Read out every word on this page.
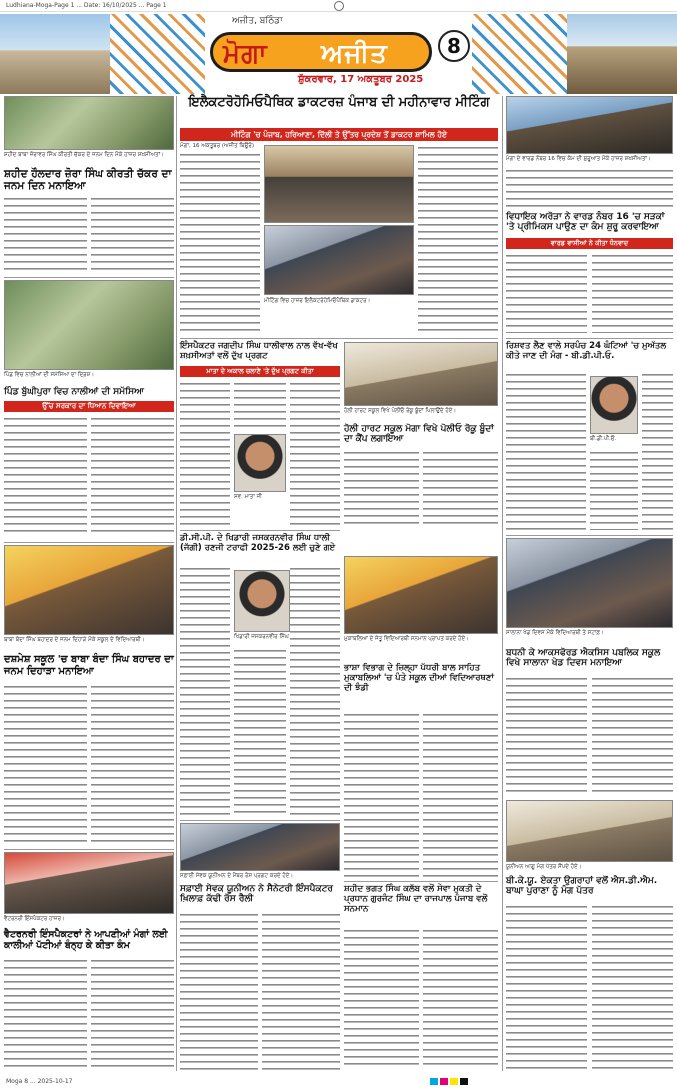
Ludhiana-Moga-Page 1 ... Date: 16/10/2025 ... Page 1
ਅਜੀਤ, ਬਠਿੰਡਾ
ਮੋਗਾ ਅਜੀਤ	8
ਸ਼ੁੱਕਰਵਾਰ, 17 ਅਕਤੂਬਰ 2025
ਸ਼ਹੀਦ ਬਾਬਾ ਜ਼ੋਰਾਵਰ ਸਿੰਘ ਕੀਰਤੀ ਚੱਕਰ ਦੇ ਜਨਮ ਦਿਨ ਮੌਕੇ ਹਾਜ਼ਰ ਸ਼ਖ਼ਸੀਅਤਾਂ।
ਸ਼ਹੀਦ ਹੌਲਦਾਰ ਜ਼ੋਰਾ ਸਿੰਘ ਕੀਰਤੀ ਚੱਕਰ ਦਾ ਜਨਮ ਦਿਨ ਮਨਾਇਆ
ਪਿੰਡ ਵਿਚ ਨਾਲੀਆਂ ਦੀ ਸਮੱਸਿਆ ਦਾ ਦ੍ਰਿਸ਼।
ਪਿੰਡ ਬੁੱਘੀਪੁਰਾ ਵਿਚ ਨਾਲੀਆਂ ਦੀ ਸਮੱਸਿਆ
ਉੱਚ ਸਰਕਾਰ ਦਾ ਧਿਆਨ ਦਿਵਾਇਆ
ਬਾਬਾ ਬੰਦਾ ਸਿੰਘ ਬਹਾਦਰ ਦੇ ਜਨਮ ਦਿਹਾੜੇ ਮੌਕੇ ਸਕੂਲ ਦੇ ਵਿਦਿਆਰਥੀ।
ਦਸ਼ਮੇਸ਼ ਸਕੂਲ 'ਚ ਬਾਬਾ ਬੰਦਾ ਸਿੰਘ ਬਹਾਦਰ ਦਾ ਜਨਮ ਦਿਹਾੜਾ ਮਨਾਇਆ
ਵੈਟਰਨਰੀ ਇੰਸਪੈਕਟਰ ਹਾਜ਼ਰ।
ਵੈਟਰਨਰੀ ਇੰਸਪੈਕਟਰਾਂ ਨੇ ਆਪਣੀਆਂ ਮੰਗਾਂ ਲਈ ਕਾਲੀਆਂ ਪੱਟੀਆਂ ਬੰਨ੍ਹ ਕੇ ਕੀਤਾ ਕੰਮ
ਇਲੈਕਟਰੋਹੋਮਿਓਪੈਥਿਕ ਡਾਕਟਰਜ਼ ਪੰਜਾਬ ਦੀ ਮਹੀਨਾਵਾਰ ਮੀਟਿੰਗ
ਮੀਟਿੰਗ 'ਚ ਪੰਜਾਬ, ਹਰਿਆਣਾ, ਦਿੱਲੀ ਤੇ ਉੱਤਰ ਪ੍ਰਦੇਸ਼ ਤੋਂ ਡਾਕਟਰ ਸ਼ਾਮਿਲ ਹੋਏ
ਮੋਗਾ, 16 ਅਕਤੂਬਰ (ਅਜੀਤ ਬਿਊਰੋ)
ਮੀਟਿੰਗ ਵਿਚ ਹਾਜ਼ਰ ਇਲੈਕਟਰੋਹੋਮਿਓਪੈਥਿਕ ਡਾਕਟਰ।
ਇੰਸਪੈਕਟਰ ਜਗਦੀਪ ਸਿੰਘ ਧਾਲੀਵਾਲ ਨਾਲ ਵੱਖ-ਵੱਖ ਸ਼ਖ਼ਸੀਅਤਾਂ ਵਲੋਂ ਦੁੱਖ ਪ੍ਰਗਟ
ਮਾਤਾ ਦੇ ਅਕਾਲ ਚਲਾਣੇ 'ਤੇ ਦੁੱਖ ਪ੍ਰਗਟ ਕੀਤਾ
ਸਵ. ਮਾਤਾ ਜੀ
ਹੋਲੀ ਹਾਰਟ ਸਕੂਲ ਵਿਖੇ ਪੋਲੀਓ ਰੋਕੂ ਬੂੰਦਾਂ ਪਿਲਾਉਂਦੇ ਹੋਏ।
ਹੋਲੀ ਹਾਰਟ ਸਕੂਲ ਮੋਗਾ ਵਿਖੇ ਪੋਲੀਓ ਰੋਕੂ ਬੂੰਦਾਂ ਦਾ ਕੈਂਪ ਲਗਾਇਆ
ਡੀ.ਸੀ.ਪੀ. ਦੇ ਖਿਡਾਰੀ ਜਸਕਰਨਵੀਰ ਸਿੰਘ ਧਾਲੀ (ਜੱਗੀ) ਰਣਜੀ ਟਰਾਫੀ 2025-26 ਲਈ ਚੁਣੇ ਗਏ
ਖਿਡਾਰੀ ਜਸਕਰਨਵੀਰ ਸਿੰਘ
ਸਫ਼ਾਈ ਸੇਵਕ ਯੂਨੀਅਨ ਦੇ ਮੈਂਬਰ ਰੋਸ ਪ੍ਰਗਟ ਕਰਦੇ ਹੋਏ।
ਸਫ਼ਾਈ ਸੇਵਕ ਯੂਨੀਅਨ ਨੇ ਸੈਨੇਟਰੀ ਇੰਸਪੈਕਟਰ ਖ਼ਿਲਾਫ਼ ਕੱਢੀ ਰੋਸ ਰੈਲੀ
ਮੁਕਾਬਲਿਆਂ ਦੇ ਜੇਤੂ ਵਿਦਿਆਰਥੀ ਸਨਮਾਨ ਪ੍ਰਾਪਤ ਕਰਦੇ ਹੋਏ।
ਭਾਸ਼ਾ ਵਿਭਾਗ ਦੇ ਜ਼ਿਲ੍ਹਾ ਪੱਧਰੀ ਬਾਲ ਸਾਹਿਤ ਮੁਕਾਬਲਿਆਂ 'ਚ ਪੰਤੇ ਸਕੂਲ ਦੀਆਂ ਵਿਦਿਆਰਥਣਾਂ ਦੀ ਝੰਡੀ
ਸ਼ਹੀਦ ਭਗਤ ਸਿੰਘ ਕਲੱਬ ਵਲੋਂ ਸੇਵਾ ਮੁਕਤੀ ਦੇ ਪ੍ਰਧਾਨ ਗੁਰਜੰਟ ਸਿੰਘ ਦਾ ਰਾਜਪਾਲ ਪੰਜਾਬ ਵਲੋਂ ਸਨਮਾਨ
ਮੋਗਾ ਦੇ ਵਾਰਡ ਨੰਬਰ 16 ਵਿਚ ਕੰਮ ਦੀ ਸ਼ੁਰੂਆਤ ਮੌਕੇ ਹਾਜ਼ਰ ਸ਼ਖ਼ਸੀਅਤਾਂ।
ਵਿਧਾਇਕ ਅਰੋੜਾ ਨੇ ਵਾਰਡ ਨੰਬਰ 16 'ਚ ਸੜਕਾਂ 'ਤੇ ਪ੍ਰੀਮਿਕਸ ਪਾਉਣ ਦਾ ਕੰਮ ਸ਼ੁਰੂ ਕਰਵਾਇਆ
ਵਾਰਡ ਵਾਸੀਆਂ ਨੇ ਕੀਤਾ ਧੰਨਵਾਦ
ਰਿਸ਼ਵਤ ਲੈਣ ਵਾਲੇ ਸਰਪੰਚ 24 ਘੰਟਿਆਂ 'ਚ ਮੁਅੱਤਲ ਕੀਤੇ ਜਾਣ ਦੀ ਮੰਗ - ਬੀ.ਡੀ.ਪੀ.ਓ.
ਬੀ.ਡੀ.ਪੀ.ਓ.
ਸਾਲਾਨਾ ਖੇਡ ਦਿਵਸ ਮੌਕੇ ਵਿਦਿਆਰਥੀ ਤੇ ਸਟਾਫ਼।
ਬਧਨੀ ਕੇ ਆਕਸਫੋਰਡ ਐਕਸਿਸ ਪਬਲਿਕ ਸਕੂਲ ਵਿਖੇ ਸਾਲਾਨਾ ਖੇਡ ਦਿਵਸ ਮਨਾਇਆ
ਯੂਨੀਅਨ ਆਗੂ ਮੰਗ ਪੱਤਰ ਸੌਂਪਦੇ ਹੋਏ।
ਬੀ.ਕੇ.ਯੂ. ਏਕਤਾ ਉਗਰਾਹਾਂ ਵਲੋਂ ਐਸ.ਡੀ.ਐਮ. ਬਾਘਾ ਪੁਰਾਣਾ ਨੂੰ ਮੰਗ ਪੱਤਰ
Moga 8 ... 2025-10-17
